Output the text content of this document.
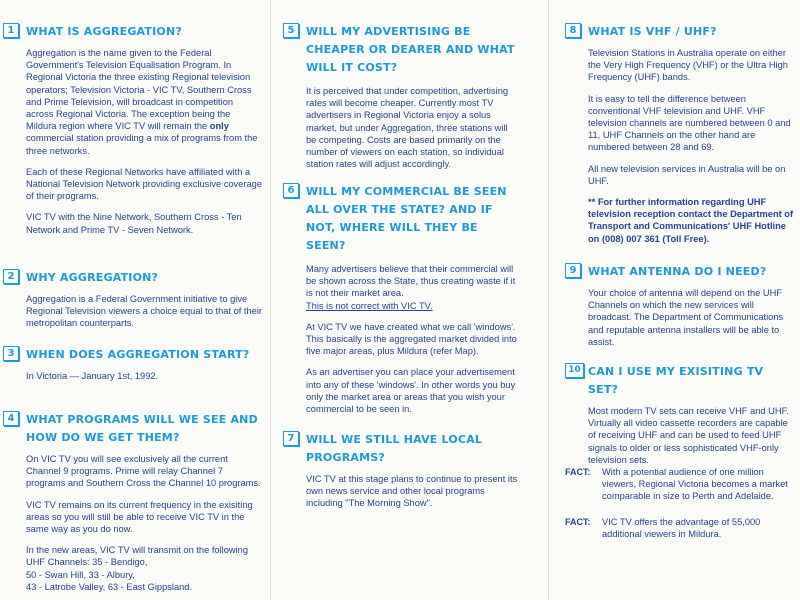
1	WHAT IS AGGREGATION?

Aggregation is the name given to the Federal Government's Television Equalisation Program. In Regional Victoria the three existing Regional television operators; Television Victoria - VIC TV, Southern Cross and Prime Television, will broadcast in competition across Regional Victoria. The exception being the Mildura region where VIC TV will remain the only commercial station providing a mix of programs from the three networks.

Each of these Regional Networks have affiliated with a National Television Network providing exclusive coverage of their programs.

VIC TV with the Nine Network, Southern Cross - Ten Network and Prime TV - Seven Network.

2	WHY AGGREGATION?

Aggregation is a Federal Government initiative to give Regional Television viewers a choice equal to that of their metropolitan counterparts.

3	WHEN DOES AGGREGATION START?

In Victoria — January 1st, 1992.

4	WHAT PROGRAMS WILL WE SEE AND HOW DO WE GET THEM?

On VIC TV you will see exclusively all the current Channel 9 programs. Prime will relay Channel 7 programs and Southern Cross the Channel 10 programs.

VIC TV remains on its current frequency in the exisiting areas so you will still be able to receive VIC TV in the same way as you do now.

In the new areas, VIC TV will transmit on the following UHF Channels: 35 - Bendigo,

50 - Swan Hill, 33 - Albury,
43 - Latrobe Valley, 63 - East Gippsland.
5	WILL MY ADVERTISING BE CHEAPER OR DEARER AND WHAT WILL IT COST?

It is perceived that under competition, advertising rates will become cheaper. Currently most TV advertisers in Regional Victoria enjoy a solus market, but under Aggregation, three stations will be competing. Costs are based primarily on the number of viewers on each station, so individual station rates will adjust accordingly.

6	WILL MY COMMERCIAL BE SEEN ALL OVER THE STATE? AND IF NOT, WHERE WILL THEY BE SEEN?

Many advertisers believe that their commercial will be shown across the State, thus creating waste if it is not their market area.
This is not correct with VIC TV.

At VIC TV we have created what we call 'windows'. This basically is the aggregated market divided into five major areas, plus Mildura (refer Map).

As an advertiser you can place your advertisement into any of these 'windows'. In other words you buy only the market area or areas that you wish your commercial to be seen in.

7	WILL WE STILL HAVE LOCAL PROGRAMS?

VIC TV at this stage plans to continue to present its own news service and other local programs including "The Morning Show".

8	WHAT IS VHF / UHF?

Television Stations in Australia operate on either the Very High Frequency (VHF) or the Ultra High Frequency (UHF) bands.

It is easy to tell the difference between conventional VHF television and UHF. VHF television channels are numbered between 0 and 11, UHF Channels on the other hand are numbered between 28 and 69.

All new television services in Australia will be on UHF.

** For further information regarding UHF television reception contact the Department of Transport and Communications' UHF Hotline on (008) 007 361 (Toll Free).

9	WHAT ANTENNA DO I NEED?

Your choice of antenna will depend on the UHF Channels on which the new services will broadcast. The Department of Communications and reputable antenna installers will be able to assist.

10 CAN I USE MY EXISITING TV SET?

Most modern TV sets can receive VHF and UHF. Virtually all video cassette recorders are capable of receiving UHF and can be used to feed UHF signals to older or less sophisticated VHF-only television sets.

FACT: With a potential audience of one million viewers, Regional Victoria becomes a market comparable in size to Perth and Adelaide.
FACT: VIC TV offers the advantage of 55,000 additional viewers in Mildura.
